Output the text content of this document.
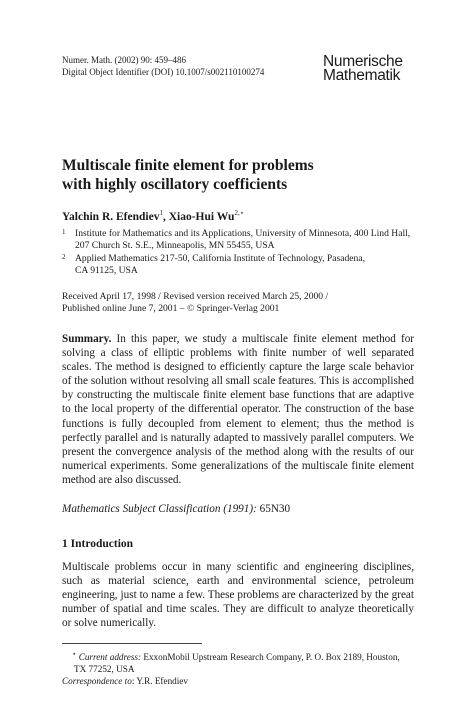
Numer. Math. (2002) 90: 459–486
Digital Object Identifier (DOI) 10.1007/s002110100274
Numerische
Mathematik
Multiscale finite element for problems
with highly oscillatory coefficients
Yalchin R. Efendiev$^1$, Xiao-Hui $Wu^{2,⋆}$
1 Institute for Mathematics and its Applications, University of Minnesota, 400 Lind Hall, 207 Church St. S.E., Minneapolis, MN 55455, USA
2 Applied Mathematics 217-50, California Institute of Technology, Pasadena, CA 91125, USA
Received April 17, 1998 / Revised version received March 25, 2000 /
Published online June 7, 2001 – © Springer-Verlag 2001
Summary. In this paper, we study a multiscale finite element method for solving a class of elliptic problems with finite number of well separated scales. The method is designed to efficiently capture the large scale behavior of the solution without resolving all small scale features. This is accomplished by constructing the multiscale finite element base functions that are adaptive to the local property of the differential operator. The construction of the base functions is fully decoupled from element to element; thus the method is perfectly parallel and is naturally adapted to massively parallel computers. We present the convergence analysis of the method along with the results of our numerical experiments. Some generalizations of the multiscale finite element method are also discussed.
Mathematics Subject Classification (1991): 65N30
1 Introduction
Multiscale problems occur in many scientific and engineering disciplines, such as material science, earth and environmental science, petroleum engineering, just to name a few. These problems are characterized by the great number of spatial and time scales. They are difficult to analyze theoretically or solve numerically.
⋆ Current address: ExxonMobil Upstream Research Company, P. O. Box 2189, Houston, TX 77252, USA
Correspondence to: Y.R. Efendiev
